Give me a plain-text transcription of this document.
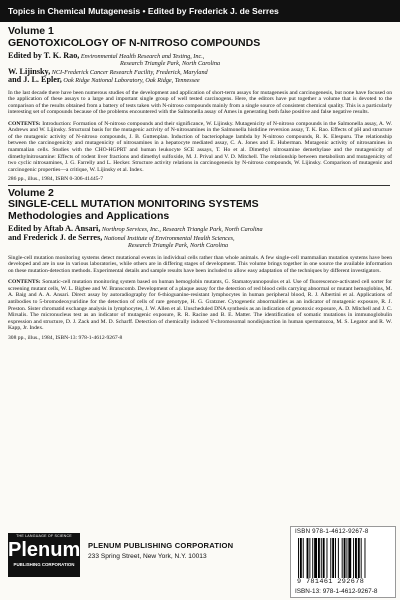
Topics in Chemical Mutagenesis • Edited by Frederick J. de Serres
Volume 1
GENOTOXICOLOGY OF N-NITROSO COMPOUNDS
Edited by T. K. Rao, Environmental Health Research and Testing, Inc.,
Research Triangle Park, North Carolina
W. Lijinsky, NCI-Frederick Cancer Research Facility, Frederick, Maryland
and J. L. Epler, Oak Ridge National Laboratory, Oak Ridge, Tennessee
In the last decade there have been numerous studies of the development and application of short-term assays for mutagenesis and carcinogenesis, but none have focused on the application of these assays to a large and important single group of well tested carcinogens. Here, the editors have put together a volume that is devoted to the comparison of the results obtained from a battery of tests taken with N-nitroso compounds mainly from a single source of consistent chemical quality. This is a particularly interesting set of compounds because of the problems encountered with the Salmonella assay of Ames in generating both false positive and false negative results.
CONTENTS: Introduction: Formation of N-nitroso compounds and their significance, W. Lijinsky. Mutagenicity of N-nitroso compounds in the Salmonella assay, A. W. Andrews and W. Lijinsky. Structural basis for the mutagenic activity of N-nitrosamines in the Salmonella histidine reversion assay, T. K. Rao. Effects of pH and structure of the mutagenic activity of N-nitroso compounds, J. B. Guttenplan. Induction of bacteriophage lambda by N-nitroso compounds, R. K. Elespuru. The relationship between the carcinogenicity and mutagenicity of nitrosamines in a hepatocyte mediated assay, C. A. Jones and E. Huberman. Mutagenic activity of nitrosamines in mammalian cells. Studies with the CHO-HGPRT and human leukocyte SCE assays, T. Ho et al. Dimethyl nitrosamine demethylase and the mutagenicity of dimethylnitrosamine: Effects of rodent liver fractions and dimethyl sulfoxide, M. J. Prival and V. D. Mitchell. The relationship between metabolism and mutagenicity of two cyclic nitrosamines, J. G. Farrelly and L. Hecker. Structure activity relations in carcinogenesis by N-nitroso compounds, W. Lijinsky. Comparison of mutagenic and carcinogenic properties—a critique, W. Lijinsky et al. Index.
286 pp., illus., 1984, ISBN 0-306-41445-7
Volume 2
SINGLE-CELL MUTATION MONITORING SYSTEMS
Methodologies and Applications
Edited by Aftab A. Ansari, Northrop Services, Inc., Research Triangle Park, North Carolina
and Frederick J. de Serres, National Institute of Environmental Health Sciences,
Research Triangle Park, North Carolina
Single-cell mutation monitoring systems detect mutational events in individual cells rather than whole animals. A few single-cell mammalian mutation systems have been developed and are in use in various laboratories, while others are in differing stages of development. This volume brings together in one source the available information on these mutation-detection methods. Experimental details and sample results have been included to allow easy adaptation of the techniques by different investigators.
CONTENTS: Somatic-cell mutation monitoring system based on human hemoglobin mutants, G. Stamatoyannopoulos et al. Use of fluorescence-activated cell sorter for screening mutant cells, W. L. Bigbee and W. Branscomb. Development of a plaque assay for the detection of red blood cells carrying abnormal or mutant hemoglobins, M. A. Baig and A. A. Ansari. Direct assay by autoradiography for 6-thioguanine-resistant lymphocytes in human peripheral blood, R. J. Albertini et al. Applications of antibodies to 5-bromodeoxyuridine for the detection of cells of rare genotype, H. G. Gratzner. Cytogenetic abnormalities as an indicator of mutagenic exposure, R. J. Preston. Sister chromatid exchange analysis in lymphocytes, J. W. Allen et al. Unscheduled DNA synthesis as an indication of genotoxic exposure, A. D. Mitchell and J. C. Mirsalis. The micronucleus test as an indicator of mutagenic exposure, R. R. Racine and B. E. Matter. The identification of somatic mutations in immunoglobulin expression and structure, D. J. Zack and M. D. Scharff. Detection of chemically induced Y-chromosomal nondisjunction in human spermatozoa, M. S. Legator and R. W. Kapp, Jr. Index.
308 pp., illus., 1984, ISBN-13: 978-1-4612-9267-8
THE LANGUAGE OF SCIENCE
Plenum
PUBLISHING CORPORATION
PLENUM PUBLISHING CORPORATION
233 Spring Street, New York, N.Y. 10013
ISBN 978-1-4612-9267-8
9 781461 292678
ISBN-13: 978-1-4612-9267-8
